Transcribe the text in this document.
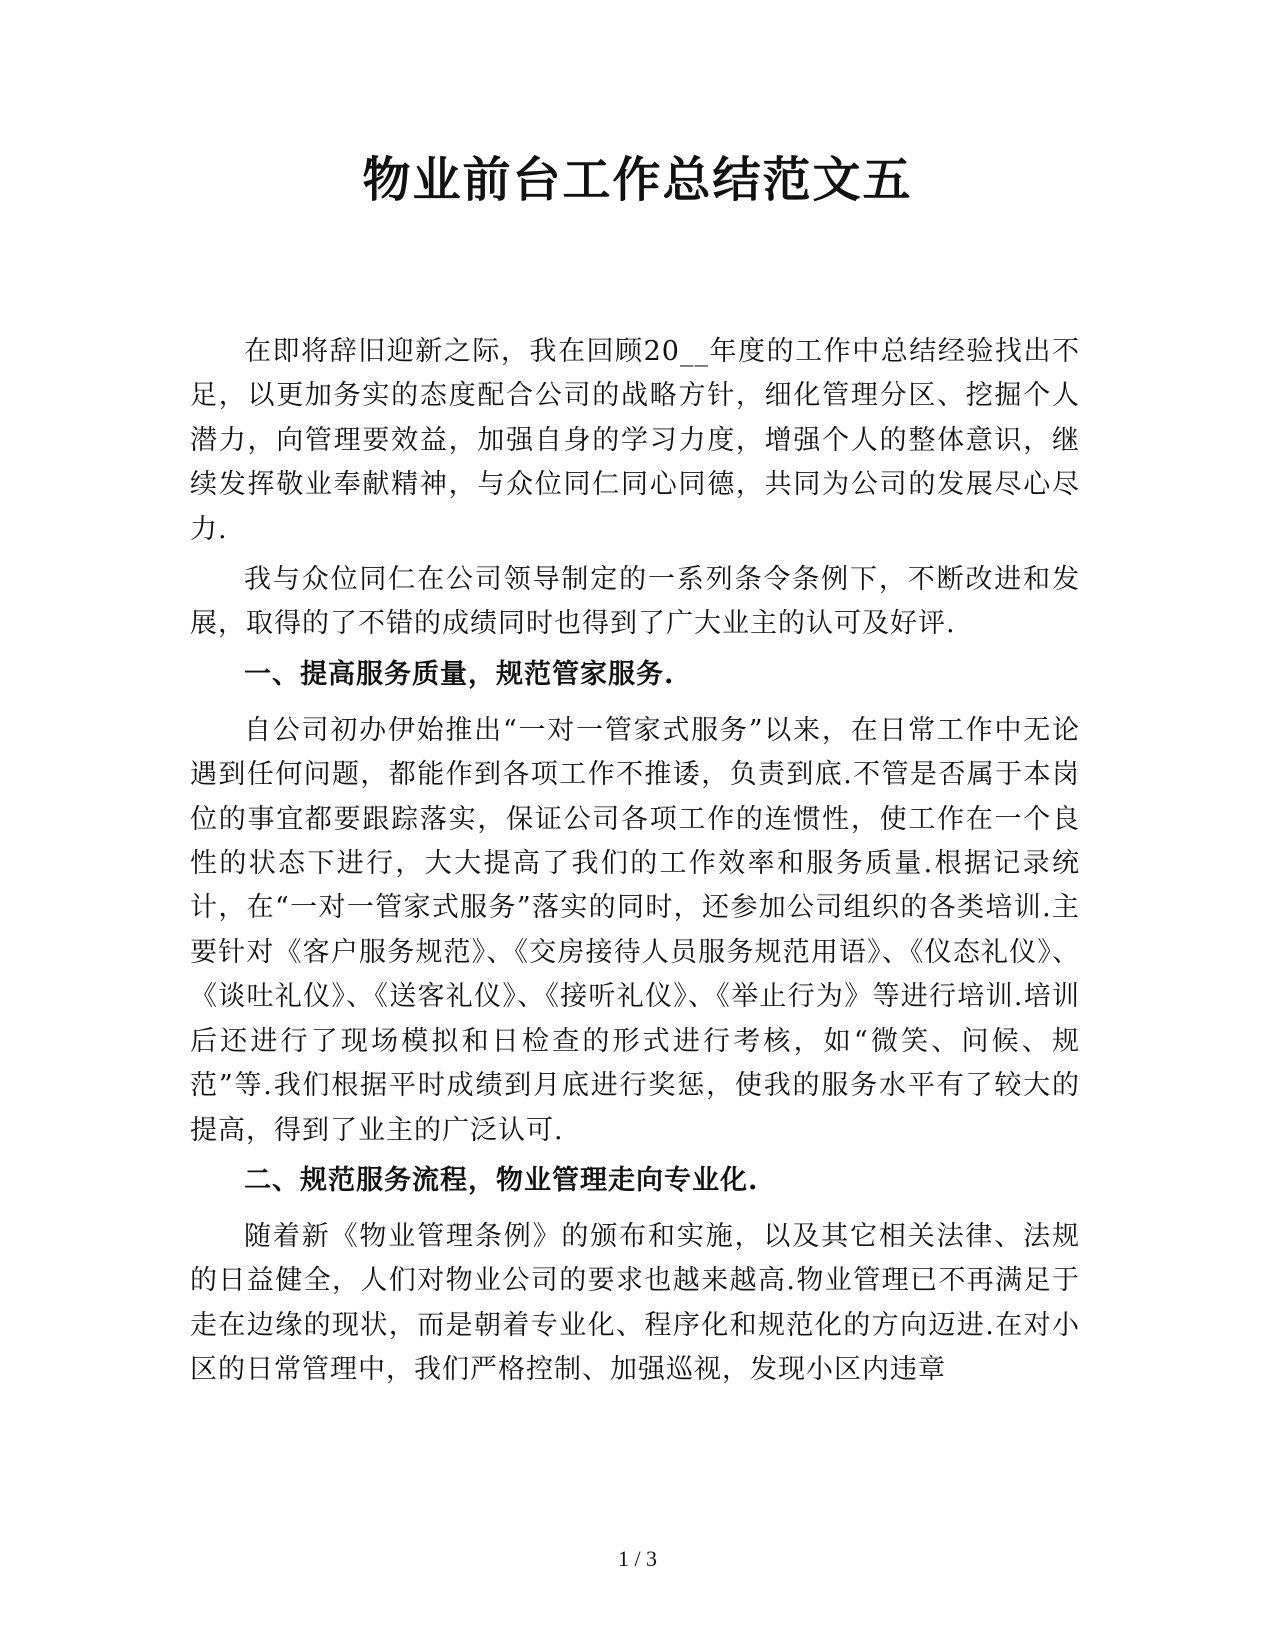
物业前台工作总结范文五

在即将辞旧迎新之际，我在回顾20__年度的工作中总结经验找出不足，以更加务实的态度配合公司的战略方针，细化管理分区、挖掘个人潜力，向管理要效益，加强自身的学习力度，增强个人的整体意识，继续发挥敬业奉献精神，与众位同仁同心同德，共同为公司的发展尽心尽力.

我与众位同仁在公司领导制定的一系列条令条例下，不断改进和发展，取得的了不错的成绩同时也得到了广大业主的认可及好评.

一、提高服务质量，规范管家服务.

自公司初办伊始推出“一对一管家式服务”以来，在日常工作中无论遇到任何问题，都能作到各项工作不推诿，负责到底.不管是否属于本岗位的事宜都要跟踪落实，保证公司各项工作的连惯性，使工作在一个良性的状态下进行，大大提高了我们的工作效率和服务质量.根据记录统计，在“一对一管家式服务”落实的同时，还参加公司组织的各类培训.主要针对《客户服务规范》、《交房接待人员服务规范用语》、《仪态礼仪》、《谈吐礼仪》、《送客礼仪》、《接听礼仪》、《举止行为》等进行培训.培训后还进行了现场模拟和日检查的形式进行考核，如“微笑、问候、规范”等.我们根据平时成绩到月底进行奖惩，使我的服务水平有了较大的提高，得到了业主的广泛认可.

二、规范服务流程，物业管理走向专业化.

随着新《物业管理条例》的颁布和实施，以及其它相关法律、法规的日益健全，人们对物业公司的要求也越来越高.物业管理已不再满足于走在边缘的现状，而是朝着专业化、程序化和规范化的方向迈进.在对小区的日常管理中，我们严格控制、加强巡视，发现小区内违章

1 / 3
